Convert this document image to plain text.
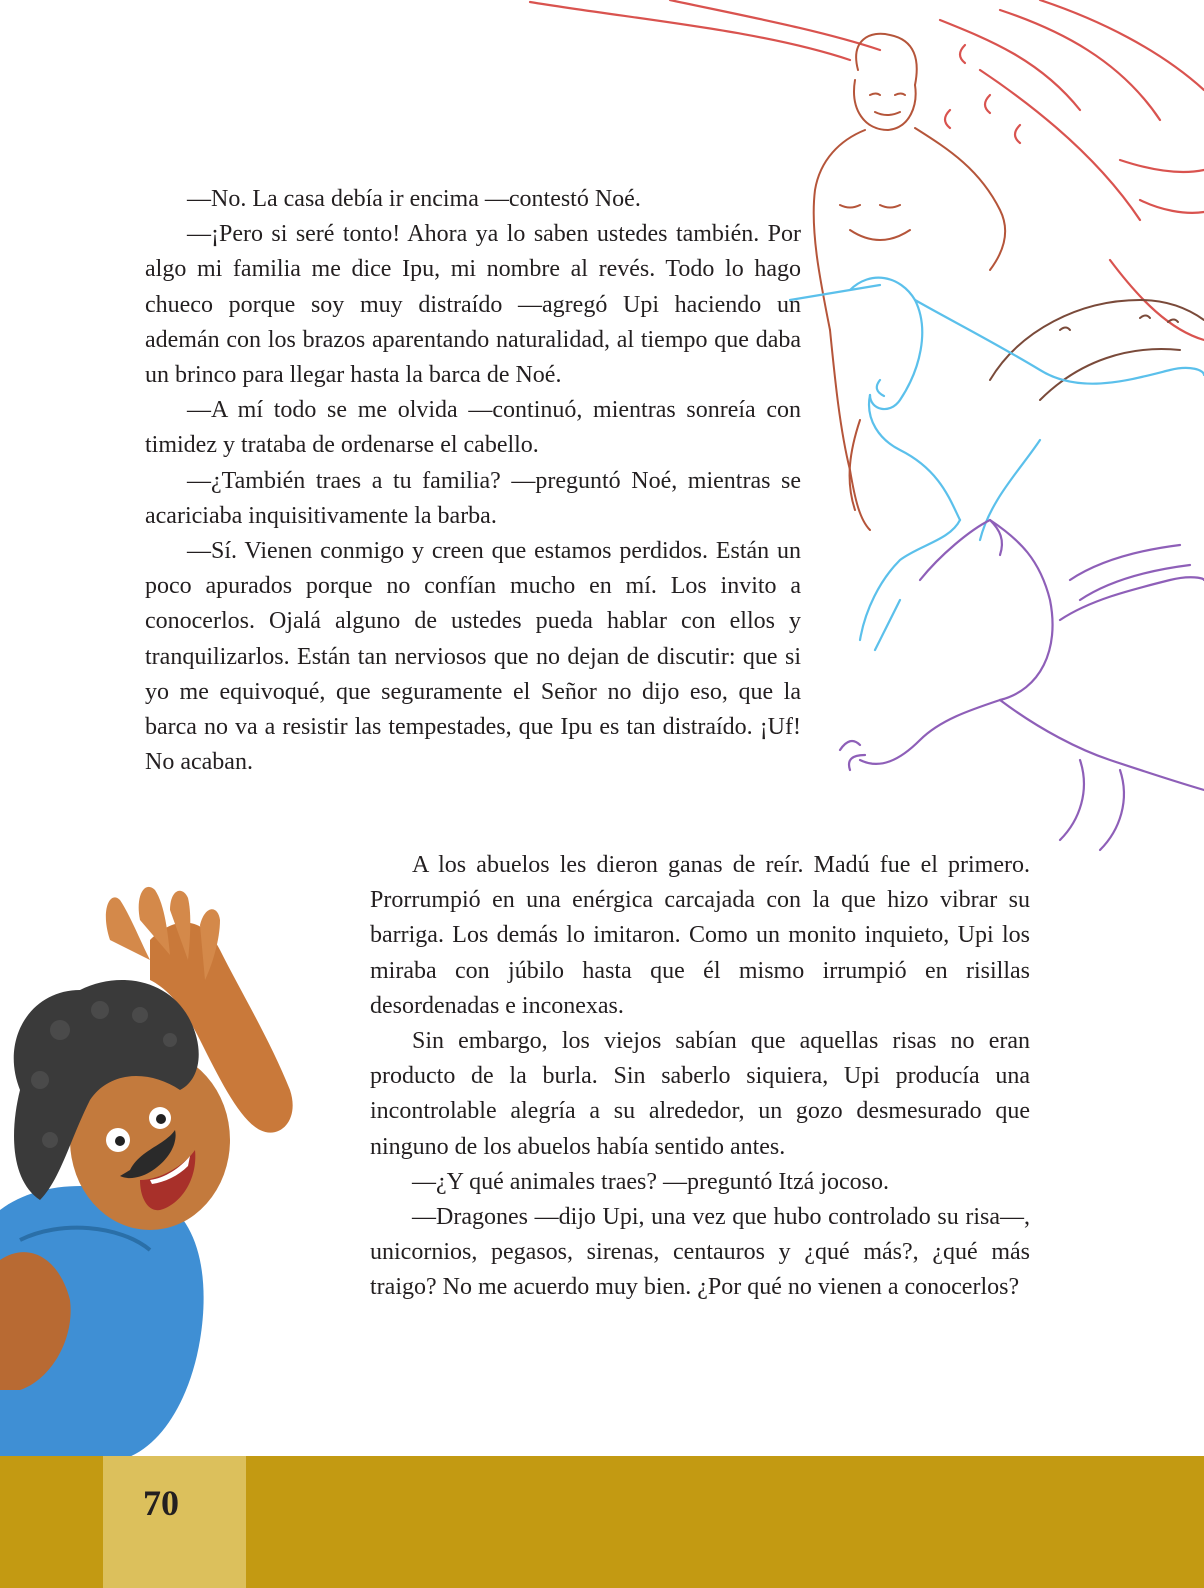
—No. La casa debía ir encima —contestó Noé.

—¡Pero si seré tonto! Ahora ya lo saben ustedes también. Por algo mi familia me dice Ipu, mi nombre al revés. Todo lo hago chueco porque soy muy distraído —agregó Upi haciendo un ademán con los brazos aparentando naturalidad, al tiempo que daba un brinco para llegar hasta la barca de Noé.

—A mí todo se me olvida —continuó, mientras sonreía con timidez y trataba de ordenarse el cabello.

—¿También traes a tu familia? —preguntó Noé, mientras se acariciaba inquisitivamente la barba.

—Sí. Vienen conmigo y creen que estamos perdidos. Están un poco apurados porque no confían mucho en mí. Los invito a conocerlos. Ojalá alguno de ustedes pueda hablar con ellos y tranquilizarlos. Están tan nerviosos que no dejan de discutir: que si yo me equivoqué, que seguramente el Señor no dijo eso, que la barca no va a resistir las tempestades, que Ipu es tan distraído. ¡Uf! No acaban.

A los abuelos les dieron ganas de reír. Madú fue el primero. Prorrumpió en una enérgica carcajada con la que hizo vibrar su barriga. Los demás lo imitaron. Como un monito inquieto, Upi los miraba con júbilo hasta que él mismo irrumpió en risillas desordenadas e inconexas.

Sin embargo, los viejos sabían que aquellas risas no eran producto de la burla. Sin saberlo siquiera, Upi producía una incontrolable alegría a su alrededor, un gozo desmesurado que ninguno de los abuelos había sentido antes.

—¿Y qué animales traes? —preguntó Itzá jocoso.

—Dragones —dijo Upi, una vez que hubo controlado su risa—, unicornios, pegasos, sirenas, centauros y ¿qué más?, ¿qué más traigo? No me acuerdo muy bien. ¿Por qué no vienen a conocerlos?

70
